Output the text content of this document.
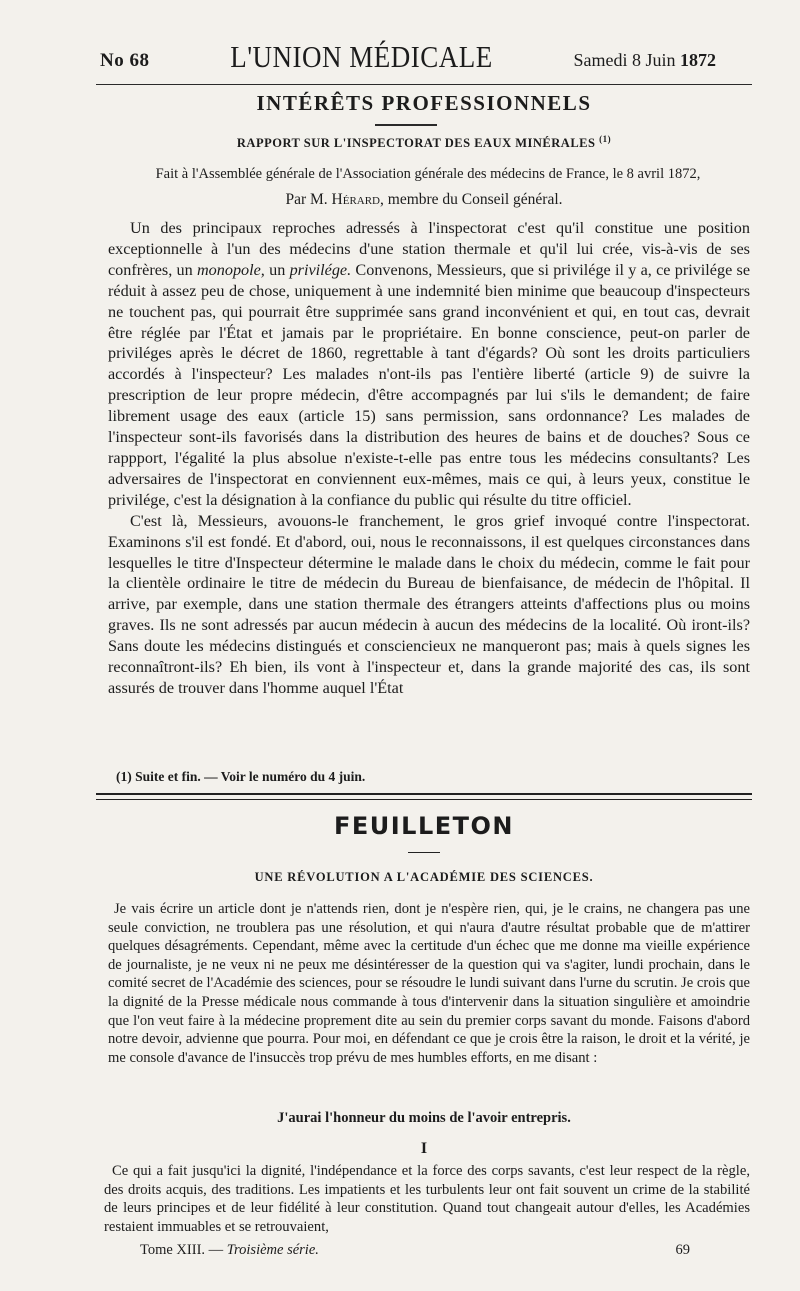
No 68	L'UNION MÉDICALE	Samedi 8 Juin 1872
INTÉRÊTS PROFESSIONNELS
RAPPORT SUR L'INSPECTORAT DES EAUX MINÉRALES $^{(1)}$
Fait à l'Assemblée générale de l'Association générale des médecins de France, le 8 avril 1872,
Par M. Hérard, membre du Conseil général.

Un des principaux reproches adressés à l'inspectorat c'est qu'il constitue une position exceptionnelle à l'un des médecins d'une station thermale et qu'il lui crée, vis-à-vis de ses confrères, un monopole, un privilége. Convenons, Messieurs, que si privilége il y a, ce privilége se réduit à assez peu de chose, uniquement à une indemnité bien minime que beaucoup d'inspecteurs ne touchent pas, qui pourrait être supprimée sans grand inconvénient et qui, en tout cas, devrait être réglée par l'État et jamais par le propriétaire. En bonne conscience, peut-on parler de priviléges après le décret de 1860, regrettable à tant d'égards? Où sont les droits particuliers accordés à l'inspecteur? Les malades n'ont-ils pas l'entière liberté (article 9) de suivre la prescription de leur propre médecin, d'être accompagnés par lui s'ils le demandent; de faire librement usage des eaux (article 15) sans permission, sans ordonnance? Les malades de l'inspecteur sont-ils favorisés dans la distribution des heures de bains et de douches? Sous ce rappport, l'égalité la plus absolue n'existe-t-elle pas entre tous les médecins consultants? Les adversaires de l'inspectorat en conviennent eux-mêmes, mais ce qui, à leurs yeux, constitue le privilége, c'est la désignation à la confiance du public qui résulte du titre officiel.

C'est là, Messieurs, avouons-le franchement, le gros grief invoqué contre l'inspectorat. Examinons s'il est fondé. Et d'abord, oui, nous le reconnaissons, il est quelques circonstances dans lesquelles le titre d'Inspecteur détermine le malade dans le choix du médecin, comme le fait pour la clientèle ordinaire le titre de médecin du Bureau de bienfaisance, de médecin de l'hôpital. Il arrive, par exemple, dans une station thermale des étrangers atteints d'affections plus ou moins graves. Ils ne sont adressés par aucun médecin à aucun des médecins de la localité. Où iront-ils? Sans doute les médecins distingués et consciencieux ne manqueront pas; mais à quels signes les reconnaîtront-ils? Eh bien, ils vont à l'inspecteur et, dans la grande majorité des cas, ils sont assurés de trouver dans l'homme auquel l'État

(1) Suite et fin. — Voir le numéro du 4 juin.
FEUILLETON
UNE RÉVOLUTION A L'ACADÉMIE DES SCIENCES.

Je vais écrire un article dont je n'attends rien, dont je n'espère rien, qui, je le crains, ne changera pas une seule conviction, ne troublera pas une résolution, et qui n'aura d'autre résultat probable que de m'attirer quelques désagréments. Cependant, même avec la certitude d'un échec que me donne ma vieille expérience de journaliste, je ne veux ni ne peux me désintéresser de la question qui va s'agiter, lundi prochain, dans le comité secret de l'Académie des sciences, pour se résoudre le lundi suivant dans l'urne du scrutin. Je crois que la dignité de la Presse médicale nous commande à tous d'intervenir dans la situation singulière et amoindrie que l'on veut faire à la médecine proprement dite au sein du premier corps savant du monde. Faisons d'abord notre devoir, advienne que pourra. Pour moi, en défendant ce que je crois être la raison, le droit et la vérité, je me console d'avance de l'insuccès trop prévu de mes humbles efforts, en me disant :

J'aurai l'honneur du moins de l'avoir entrepris.
I

Ce qui a fait jusqu'ici la dignité, l'indépendance et la force des corps savants, c'est leur respect de la règle, des droits acquis, des traditions. Les impatients et les turbulents leur ont fait souvent un crime de la stabilité de leurs principes et de leur fidélité à leur constitution. Quand tout changeait autour d'elles, les Académies restaient immuables et se retrouvaient,

Tome XIII. — Troisième série.	69
